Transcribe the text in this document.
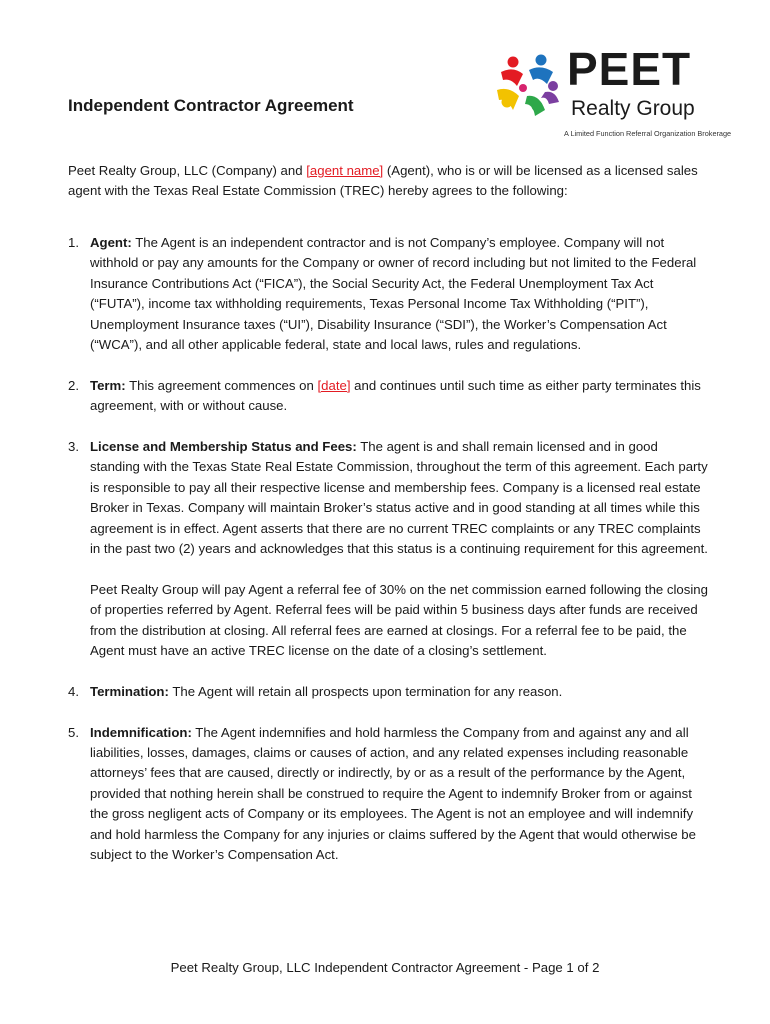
Independent Contractor Agreement
PEET
Realty Group
A Limited Function Referral Organization Brokerage

Peet Realty Group, LLC (Company) and [agent name] (Agent), who is or will be licensed as a licensed sales agent with the Texas Real Estate Commission (TREC) hereby agrees to the following:

1. Agent: The Agent is an independent contractor and is not Company’s employee. Company will not withhold or pay any amounts for the Company or owner of record including but not limited to the Federal Insurance Contributions Act (“FICA”), the Social Security Act, the Federal Unemployment Tax Act (“FUTA”), income tax withholding requirements, Texas Personal Income Tax Withholding (“PIT”), Unemployment Insurance taxes (“UI”), Disability Insurance (“SDI”), the Worker’s Compensation Act (“WCA”), and all other applicable federal, state and local laws, rules and regulations.

2. Term: This agreement commences on [date] and continues until such time as either party terminates this agreement, with or without cause.

3. License and Membership Status and Fees: The agent is and shall remain licensed and in good standing with the Texas State Real Estate Commission, throughout the term of this agreement. Each party is responsible to pay all their respective license and membership fees. Company is a licensed real estate Broker in Texas. Company will maintain Broker’s status active and in good standing at all times while this agreement is in effect. Agent asserts that there are no current TREC complaints or any TREC complaints in the past two (2) years and acknowledges that this status is a continuing requirement for this agreement.

Peet Realty Group will pay Agent a referral fee of 30% on the net commission earned following the closing of properties referred by Agent. Referral fees will be paid within 5 business days after funds are received from the distribution at closing. All referral fees are earned at closings. For a referral fee to be paid, the Agent must have an active TREC license on the date of a closing’s settlement.

4. Termination: The Agent will retain all prospects upon termination for any reason.

5. Indemnification: The Agent indemnifies and hold harmless the Company from and against any and all liabilities, losses, damages, claims or causes of action, and any related expenses including reasonable attorneys’ fees that are caused, directly or indirectly, by or as a result of the performance by the Agent, provided that nothing herein shall be construed to require the Agent to indemnify Broker from or against the gross negligent acts of Company or its employees. The Agent is not an employee and will indemnify and hold harmless the Company for any injuries or claims suffered by the Agent that would otherwise be subject to the Worker’s Compensation Act.

Peet Realty Group, LLC Independent Contractor Agreement - Page 1 of 2
